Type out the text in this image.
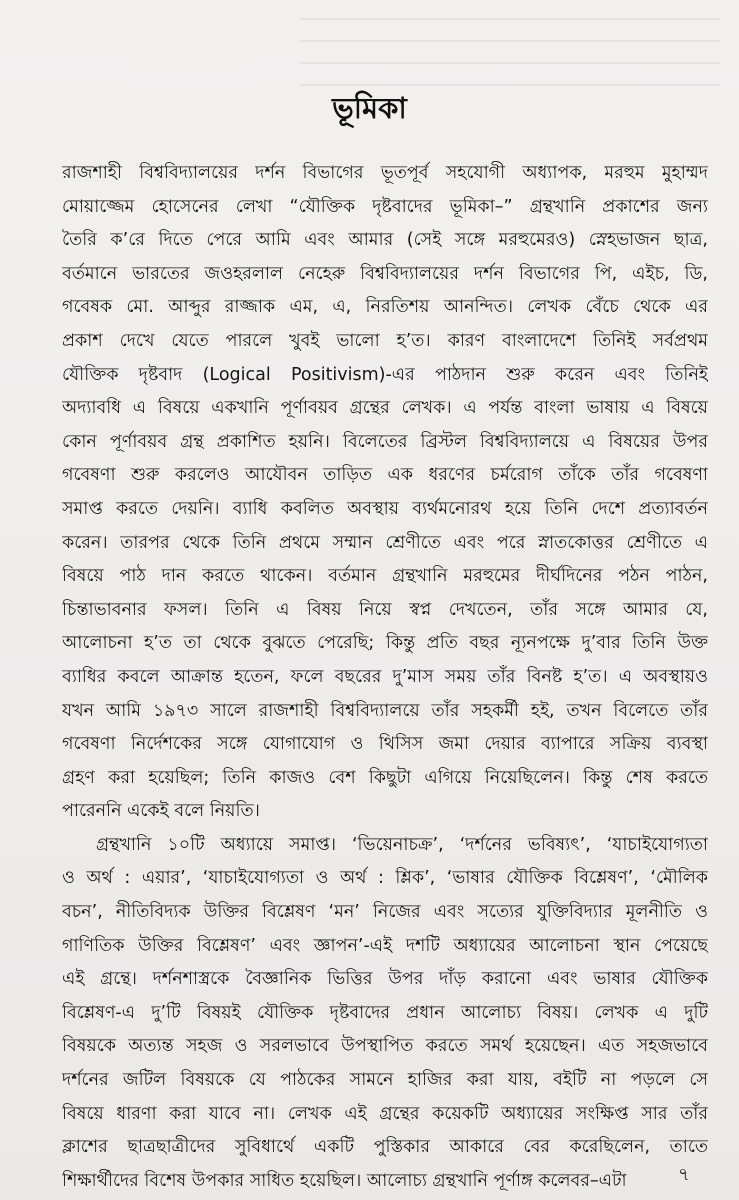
ভূমিকা
রাজশাহী বিশ্ববিদ্যালয়ের দর্শন বিভাগের ভূতপূর্ব সহযোগী অধ্যাপক, মরহুম মুহাম্মদ
মোয়াজ্জেম হোসেনের লেখা “যৌক্তিক দৃষ্টবাদের ভূমিকা–” গ্রন্থখানি প্রকাশের জন্য
তৈরি ক’রে দিতে পেরে আমি এবং আমার (সেই সঙ্গে মরহুমেরও) স্নেহভাজন ছাত্র,
বর্তমানে ভারতের জওহরলাল নেহেরু বিশ্ববিদ্যালয়ের দর্শন বিভাগের পি, এইচ, ডি,
গবেষক মো. আব্দুর রাজ্জাক এম, এ, নিরতিশয় আনন্দিত। লেখক বেঁচে থেকে এর
প্রকাশ দেখে যেতে পারলে খুবই ভালো হ’ত। কারণ বাংলাদেশে তিনিই সর্বপ্রথম
যৌক্তিক দৃষ্টবাদ (Logical Positivism)-এর পাঠদান শুরু করেন এবং তিনিই
অদ্যাবধি এ বিষয়ে একখানি পূর্ণাবয়ব গ্রন্থের লেখক। এ পর্যন্ত বাংলা ভাষায় এ বিষয়ে
কোন পূর্ণাবয়ব গ্রন্থ প্রকাশিত হয়নি। বিলেতের ব্রিস্টল বিশ্ববিদ্যালয়ে এ বিষয়ের উপর
গবেষণা শুরু করলেও আযৌবন তাড়িত এক ধরণের চর্মরোগ তাঁকে তাঁর গবেষণা
সমাপ্ত করতে দেয়নি। ব্যাধি কবলিত অবস্থায় ব্যর্থমনোরথ হয়ে তিনি দেশে প্রত্যাবর্তন
করেন। তারপর থেকে তিনি প্রথমে সম্মান শ্রেণীতে এবং পরে স্নাতকোত্তর শ্রেণীতে এ
বিষয়ে পাঠ দান করতে থাকেন। বর্তমান গ্রন্থখানি মরহুমের দীর্ঘদিনের পঠন পাঠন,
চিন্তাভাবনার ফসল। তিনি এ বিষয় নিয়ে স্বপ্ন দেখতেন, তাঁর সঙ্গে আমার যে,
আলোচনা হ’ত তা থেকে বুঝতে পেরেছি; কিন্তু প্রতি বছর ন্যূনপক্ষে দু’বার তিনি উক্ত
ব্যাধির কবলে আক্রান্ত হতেন, ফলে বছরের দু’মাস সময় তাঁর বিনষ্ট হ’ত। এ অবস্থায়ও
যখন আমি ১৯৭৩ সালে রাজশাহী বিশ্ববিদ্যালয়ে তাঁর সহকর্মী হই, তখন বিলেতে তাঁর
গবেষণা নির্দেশকের সঙ্গে যোগাযোগ ও থিসিস জমা দেয়ার ব্যাপারে সক্রিয় ব্যবস্থা
গ্রহণ করা হয়েছিল; তিনি কাজও বেশ কিছুটা এগিয়ে নিয়েছিলেন। কিন্তু শেষ করতে
পারেননি একেই বলে নিয়তি।
গ্রন্থখানি ১০টি অধ্যায়ে সমাপ্ত। ‘ভিয়েনাচক্র’, ‘দর্শনের ভবিষ্যৎ’, ‘যাচাইযোগ্যতা
ও অর্থ : এয়ার’, ‘যাচাইযোগ্যতা ও অর্থ : শ্লিক’, ‘ভাষার যৌক্তিক বিশ্লেষণ’, ‘মৌলিক
বচন’, নীতিবিদ্যক উক্তির বিশ্লেষণ ‘মন’ নিজের এবং সত্যের যুক্তিবিদ্যার মূলনীতি ও
গাণিতিক উক্তির বিশ্লেষণ’ এবং জ্ঞাপন’-এই দশটি অধ্যায়ের আলোচনা স্থান পেয়েছে
এই গ্রন্থে। দর্শনশাস্ত্রকে বৈজ্ঞানিক ভিত্তির উপর দাঁড় করানো এবং ভাষার যৌক্তিক
বিশ্লেষণ-এ দু’টি বিষয়ই যৌক্তিক দৃষ্টবাদের প্রধান আলোচ্য বিষয়। লেখক এ দুটি
বিষয়কে অত্যন্ত সহজ ও সরলভাবে উপস্থাপিত করতে সমর্থ হয়েছেন। এত সহজভাবে
দর্শনের জটিল বিষয়কে যে পাঠকের সামনে হাজির করা যায়, বইটি না পড়লে সে
বিষয়ে ধারণা করা যাবে না। লেখক এই গ্রন্থের কয়েকটি অধ্যায়ের সংক্ষিপ্ত সার তাঁর
ক্লাশের ছাত্রছাত্রীদের সুবিধার্থে একটি পুস্তিকার আকারে বের করেছিলেন, তাতে
শিক্ষার্থীদের বিশেষ উপকার সাধিত হয়েছিল। আলোচ্য গ্রন্থখানি পূর্ণাঙ্গ কলেবর–এটা	৭
